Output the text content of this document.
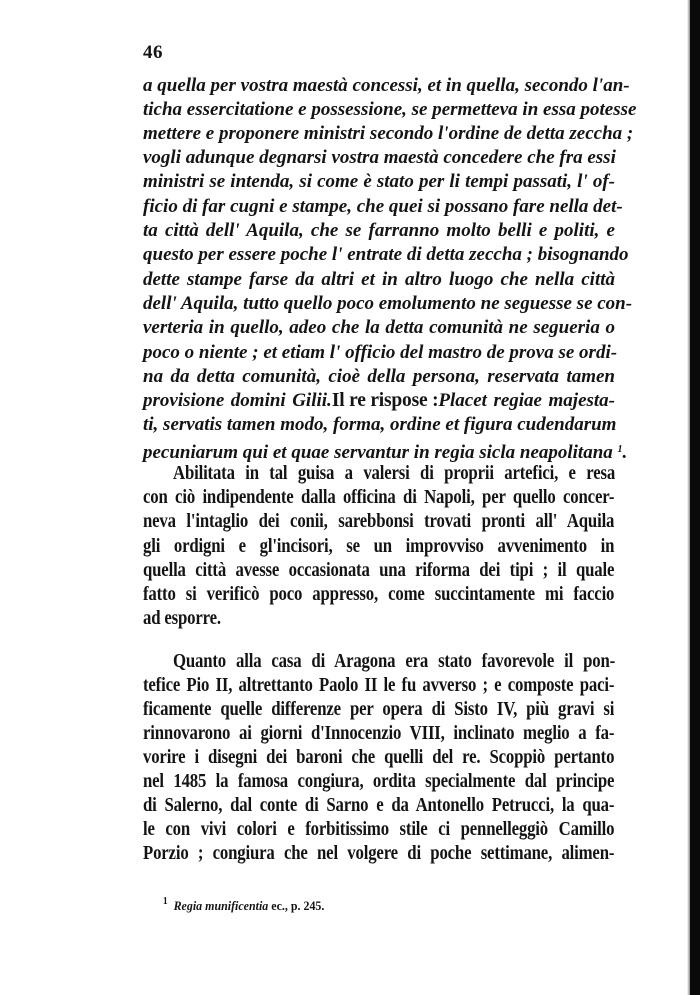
46
a quella per vostra maestà concessi, et in quella, secondo l'an-
ticha essercitatione e possessione, se permetteva in essa potesse
mettere e proponere ministri secondo l'ordine de detta zeccha ;
vogli adunque degnarsi vostra maestà concedere che fra essi
ministri se intenda, si come è stato per li tempi passati, l' of-
ficio di far cugni e stampe, che quei si possano fare nella det-
ta città dell' Aquila, che se farranno molto belli e politi, e
questo per essere poche l' entrate di detta zeccha ; bisognando
dette stampe farse da altri et in altro luogo che nella città
dell' Aquila, tutto quello poco emolumento ne seguesse se con-
verteria in quello, adeo che la detta comunità ne segueria o
poco o niente ; et etiam l' officio del mastro de prova se ordi-
na da detta comunità, cioè della persona, reservata tamen
provisione domini Gilii.Il re rispose :Placet regiae majesta-
ti, servatis tamen modo, forma, ordine et figura cudendarum
pecuniarum qui et quae servantur in regia sicla neapolitana $^1$.
Abilitata in tal guisa a valersi di proprii artefici, e resa
con ciò indipendente dalla officina di Napoli, per quello concer-
neva l'intaglio dei conii, sarebbonsi trovati pronti all' Aquila
gli ordigni e gl'incisori, se un improvviso avvenimento in
quella città avesse occasionata una riforma dei tipi ; il quale
fatto si verificò poco appresso, come succintamente mi faccio
ad esporre.
Quanto alla casa di Aragona era stato favorevole il pon-
tefice Pio II, altrettanto Paolo II le fu avverso ; e composte paci-
ficamente quelle differenze per opera di Sisto IV, più gravi si
rinnovarono ai giorni d'Innocenzio VIII, inclinato meglio a fa-
vorire i disegni dei baroni che quelli del re. Scoppiò pertanto
nel 1485 la famosa congiura, ordita specialmente dal principe
di Salerno, dal conte di Sarno e da Antonello Petrucci, la qua-
le con vivi colori e forbitissimo stile ci pennelleggiò Camillo
Porzio ; congiura che nel volgere di poche settimane, alimen-
$^1$ Regia munificentia ec., p. 245.
